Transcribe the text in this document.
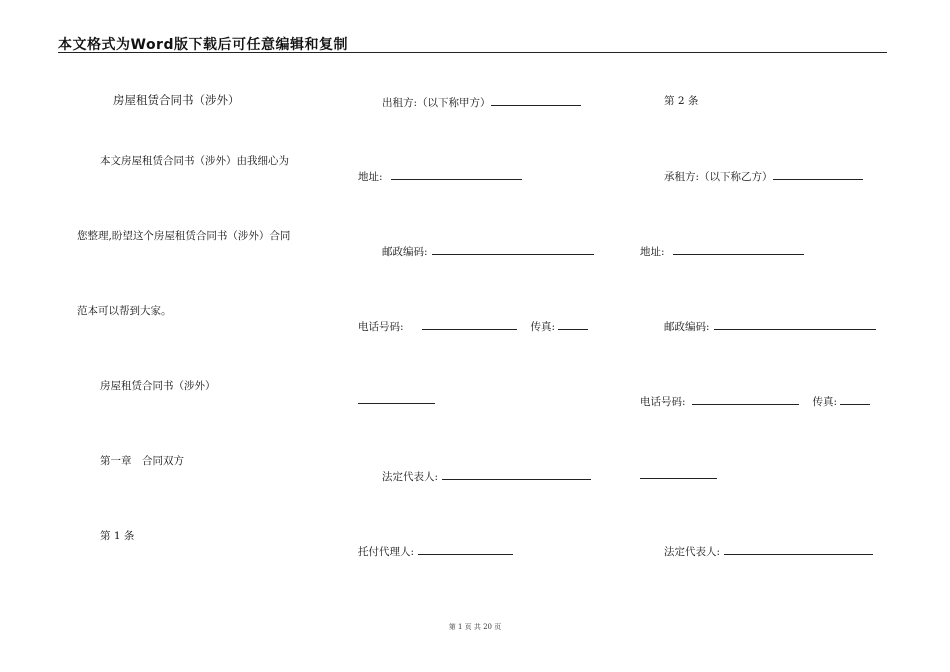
本文格式为Word版下载后可任意编辑和复制
房屋租赁合同书（涉外）
本文房屋租赁合同书（涉外）由我细心为
您整理,盼望这个房屋租赁合同书（涉外）合同
范本可以帮到大家。
房屋租赁合同书（涉外）
第一章　合同双方
第 1 条
出租方:（以下称甲方）
地址:
邮政编码:
电话号码:	传真:
法定代表人:
托付代理人:
第 2 条
承租方:（以下称乙方）
地址:
邮政编码:
电话号码:	传真:
法定代表人:
第 1 页 共 20 页
